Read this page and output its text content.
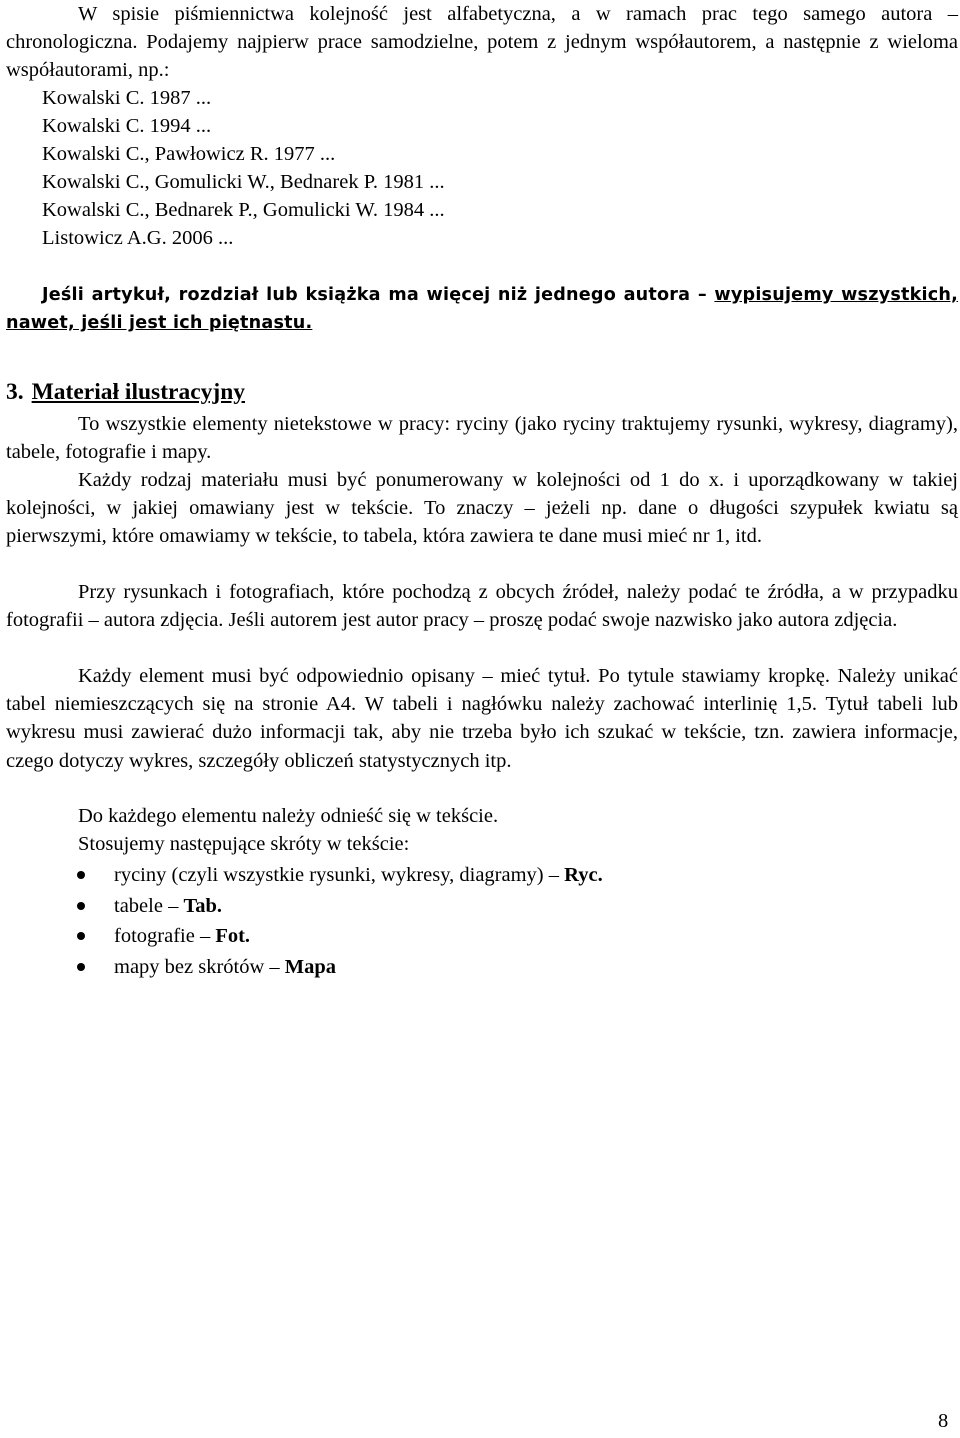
W spisie piśmiennictwa kolejność jest alfabetyczna, a w ramach prac tego samego autora – chronologiczna. Podajemy najpierw prace samodzielne, potem z jednym współautorem, a następnie z wieloma współautorami, np.:

Kowalski C. 1987 ...

Kowalski C. 1994 ...

Kowalski C., Pawłowicz R. 1977 ...

Kowalski C., Gomulicki W., Bednarek P. 1981 ...

Kowalski C., Bednarek P., Gomulicki W. 1984 ...

Listowicz A.G. 2006 ...

Jeśli artykuł, rozdział lub książka ma więcej niż jednego autora – wypisujemy wszystkich, nawet, jeśli jest ich piętnastu.

3. Materiał ilustracyjny

To wszystkie elementy nietekstowe w pracy: ryciny (jako ryciny traktujemy rysunki, wykresy, diagramy), tabele, fotografie i mapy.

Każdy rodzaj materiału musi być ponumerowany w kolejności od 1 do x. i uporządkowany w takiej kolejności, w jakiej omawiany jest w tekście. To znaczy – jeżeli np. dane o długości szypułek kwiatu są pierwszymi, które omawiamy w tekście, to tabela, która zawiera te dane musi mieć nr 1, itd.

Przy rysunkach i fotografiach, które pochodzą z obcych źródeł, należy podać te źródła, a w przypadku fotografii – autora zdjęcia. Jeśli autorem jest autor pracy – proszę podać swoje nazwisko jako autora zdjęcia.

Każdy element musi być odpowiednio opisany – mieć tytuł. Po tytule stawiamy kropkę. Należy unikać tabel niemieszczących się na stronie A4. W tabeli i nagłówku należy zachować interlinię 1,5. Tytuł tabeli lub wykresu musi zawierać dużo informacji tak, aby nie trzeba było ich szukać w tekście, tzn. zawiera informacje, czego dotyczy wykres, szczegóły obliczeń statystycznych itp.

Do każdego elementu należy odnieść się w tekście.

Stosujemy następujące skróty w tekście:

ryciny (czyli wszystkie rysunki, wykresy, diagramy) – Ryc.
tabele – Tab.
fotografie – Fot.
mapy bez skrótów – Mapa

8
